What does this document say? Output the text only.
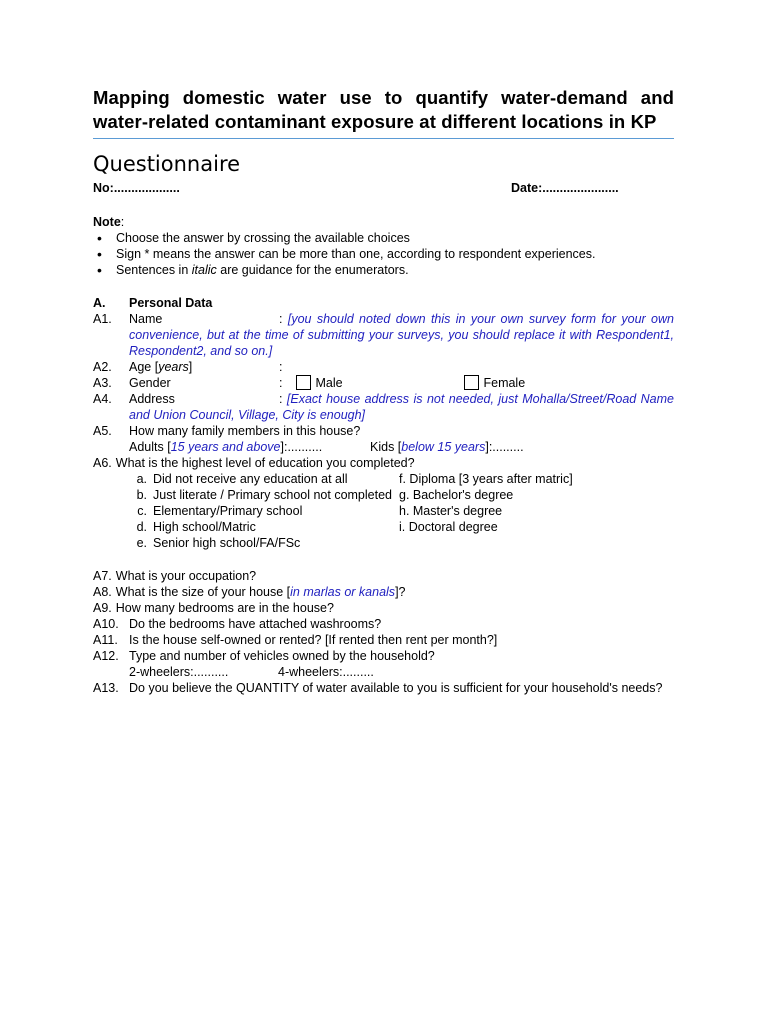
Mapping domestic water use to quantify water-demand and
water-related contaminant exposure at different locations in KP

Questionnaire
No:...................	Date:......................
Note:
• Choose the answer by crossing the available choices
• Sign * means the answer can be more than one, according to respondent experiences.
• Sentences in italic are guidance for the enumerators.
A.	Personal Data
A1.	Name	: [you should noted down this in your own survey form for your own convenience, but at the time of submitting your surveys, you should replace it with Respondent1, Respondent2, and so on.]
A2.	Age [years]	:
A3.	Gender	:	Male	Female
A4.	Address	: [Exact house address is not needed, just Mohalla/Street/Road Name and Union Council, Village, City is enough]
A5.	How many family members in this house?
Adults [15 years and above]:..........	Kids [below 15 years]:.........
A6. What is the highest level of education you completed?
a. Did not receive any education at all
b. Just literate / Primary school not completed
c. Elementary/Primary school
d. High school/Matric
e. Senior high school/FA/FSc
f. Diploma [3 years after matric]
g. Bachelor's degree
h. Master's degree
i. Doctoral degree
A7. What is your occupation?
A8. What is the size of your house [in marlas or kanals]?
A9. How many bedrooms are in the house?
A10. Do the bedrooms have attached washrooms?
A11. Is the house self-owned or rented? [If rented then rent per month?]
A12. Type and number of vehicles owned by the household?
2-wheelers:..........	4-wheelers:.........
A13. Do you believe the QUANTITY of water available to you is sufficient for your household's needs?
